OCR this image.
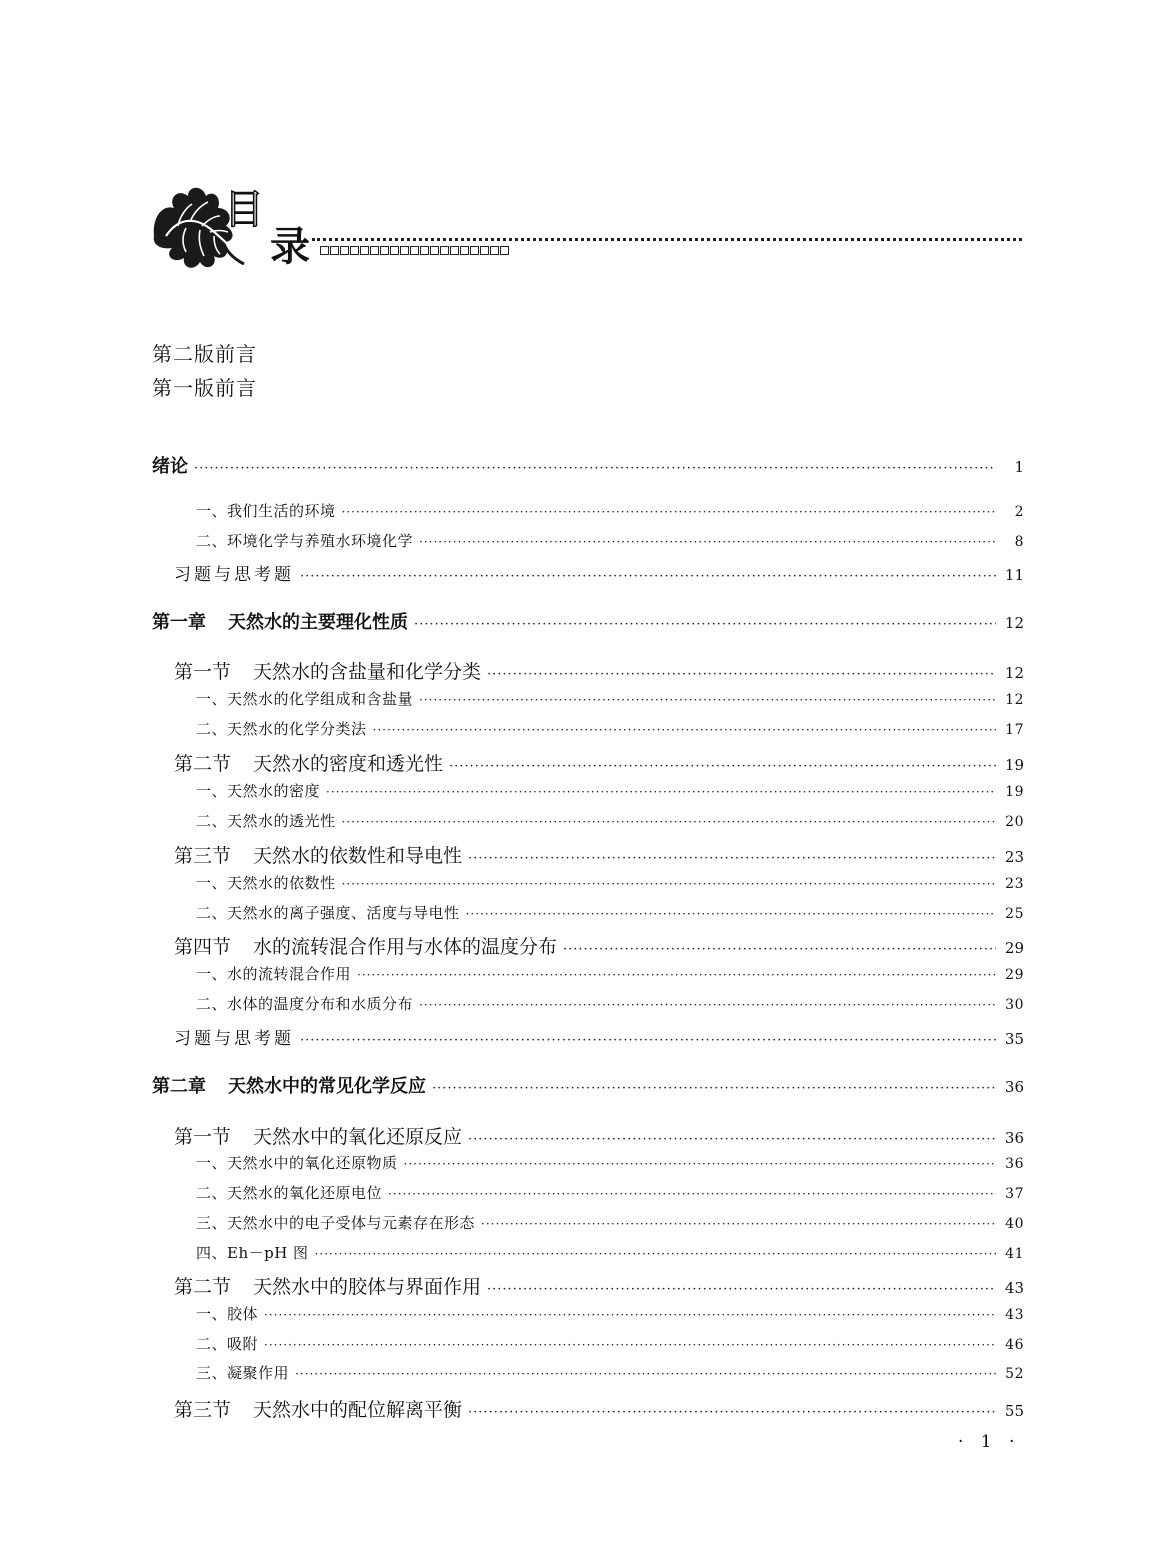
目
录
第二版前言
第一版前言
绪论 ·····	1
一、我们生活的环境 ·····	2
二、环境化学与养殖水环境化学 ·····	8
习题与思考题 ·····	11
第一章 天然水的主要理化性质 ·····	12
第一节 天然水的含盐量和化学分类 ·····	12
一、天然水的化学组成和含盐量 ·····	12
二、天然水的化学分类法 ·····	17
第二节 天然水的密度和透光性 ·····	19
一、天然水的密度 ·····	19
二、天然水的透光性 ·····	20
第三节 天然水的依数性和导电性 ·····	23
一、天然水的依数性 ·····	23
二、天然水的离子强度、活度与导电性 ·····	25
第四节 水的流转混合作用与水体的温度分布 ·····	29
一、水的流转混合作用 ·····	29
二、水体的温度分布和水质分布 ·····	30
习题与思考题 ·····	35
第二章 天然水中的常见化学反应 ·····	36
第一节 天然水中的氧化还原反应 ·····	36
一、天然水中的氧化还原物质 ·····	36
二、天然水的氧化还原电位 ·····	37
三、天然水中的电子受体与元素存在形态 ·····	40
四、Eh－pH 图 ·····	41
第二节 天然水中的胶体与界面作用 ·····	43
一、胶体 ·····	43
二、吸附 ·····	46
三、凝聚作用 ·····	52
第三节 天然水中的配位解离平衡 ·····	55
· 1 ·
